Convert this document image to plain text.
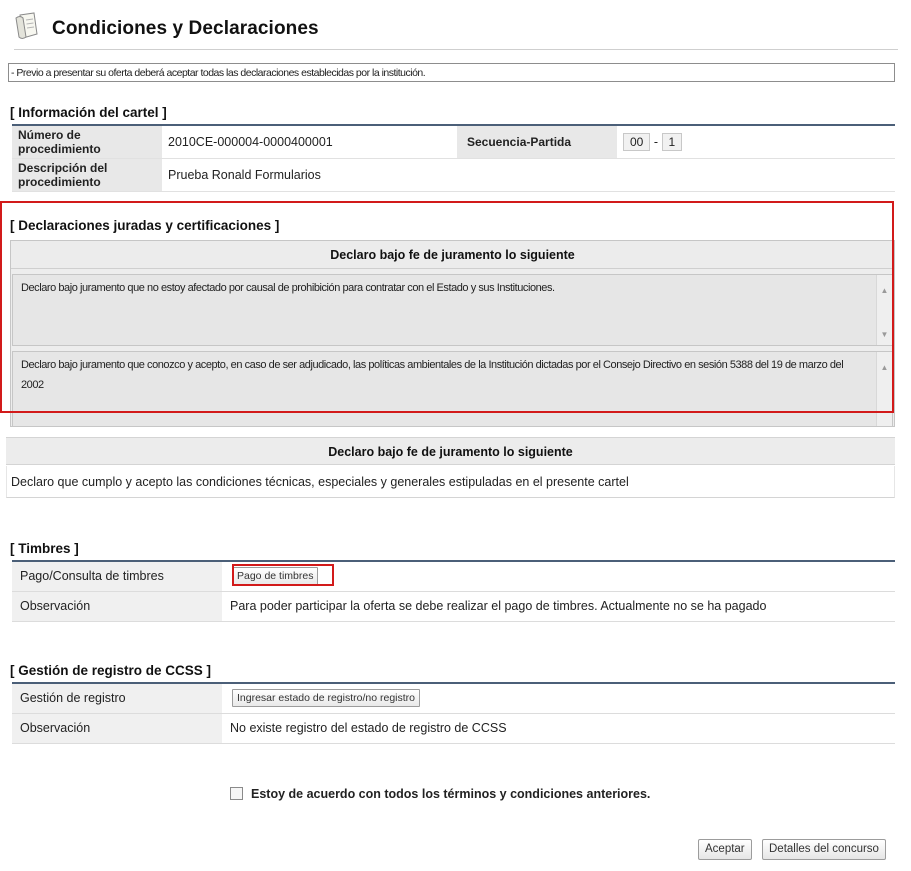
Condiciones y Declaraciones
- Previo a presentar su oferta deberá aceptar todas las declaraciones establecidas por la institución.
[ Información del cartel ]
Número de procedimiento	2010CE-000004-0000400001	Secuencia-Partida	00 - 1
Descripción del procedimiento	Prueba Ronald Formularios		
[ Declaraciones juradas y certificaciones ]
Declaro bajo fe de juramento lo siguiente
Declaro bajo juramento que no estoy afectado por causal de prohibición para contratar con el Estado y sus Instituciones.	▲
▼
Declaro bajo juramento que conozco y acepto, en caso de ser adjudicado, las políticas ambientales de la Institución dictadas por el Consejo Directivo en sesión 5388 del 19 de marzo del 2002
▲
Declaro bajo fe de juramento lo siguiente
Declaro que cumplo y acepto las condiciones técnicas, especiales y generales estipuladas en el presente cartel
[ Timbres ]
Pago/Consulta de timbres	Pago de timbres
Observación	Para poder participar la oferta se debe realizar el pago de timbres. Actualmente no se ha pagado
[ Gestión de registro de CCSS ]
Gestión de registro	Ingresar estado de registro/no registro
Observación	No existe registro del estado de registro de CCSS
Estoy de acuerdo con todos los términos y condiciones anteriores.
Aceptar	Detalles del concurso
